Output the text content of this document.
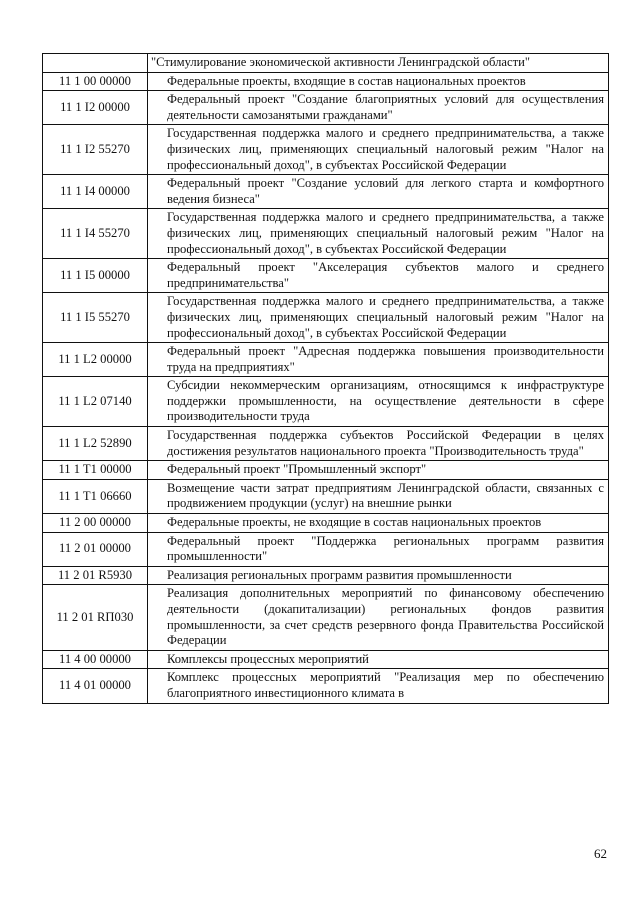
	"Стимулирование экономической активности Ленинградской области"

11 1 00 00000	Федеральные проекты, входящие в состав национальных проектов

11 1 I2 00000	Федеральный проект "Создание благоприятных условий для осуществления деятельности самозанятыми гражданами"

11 1 I2 55270	Государственная поддержка малого и среднего предпринимательства, а также физических лиц, применяющих специальный налоговый режим "Налог на профессиональный доход", в субъектах Российской Федерации

11 1 I4 00000	Федеральный проект "Создание условий для легкого старта и комфортного ведения бизнеса"

11 1 I4 55270	Государственная поддержка малого и среднего предпринимательства, а также физических лиц, применяющих специальный налоговый режим "Налог на профессиональный доход", в субъектах Российской Федерации

11 1 I5 00000	Федеральный проект "Акселерация субъектов малого и среднего предпринимательства"

11 1 I5 55270	Государственная поддержка малого и среднего предпринимательства, а также физических лиц, применяющих специальный налоговый режим "Налог на профессиональный доход", в субъектах Российской Федерации

11 1 L2 00000	Федеральный проект "Адресная поддержка повышения производительности труда на предприятиях"

11 1 L2 07140	Субсидии некоммерческим организациям, относящимся к инфраструктуре поддержки промышленности, на осуществление деятельности в сфере производительности труда

11 1 L2 52890	Государственная поддержка субъектов Российской Федерации в целях достижения результатов национального проекта "Производительность труда"

11 1 T1 00000	Федеральный проект "Промышленный экспорт"

11 1 T1 06660	Возмещение части затрат предприятиям Ленинградской области, связанных с продвижением продукции (услуг) на внешние рынки

11 2 00 00000	Федеральные проекты, не входящие в состав национальных проектов

11 2 01 00000	Федеральный проект "Поддержка региональных программ развития промышленности"

11 2 01 R5930	Реализация региональных программ развития промышленности

11 2 01 RП030	Реализация дополнительных мероприятий по финансовому обеспечению деятельности (докапитализации) региональных фондов развития промышленности, за счет средств резервного фонда Правительства Российской Федерации

11 4 00 00000	Комплексы процессных мероприятий

11 4 01 00000	Комплекс процессных мероприятий "Реализация мер по обеспечению благоприятного инвестиционного климата в
62
